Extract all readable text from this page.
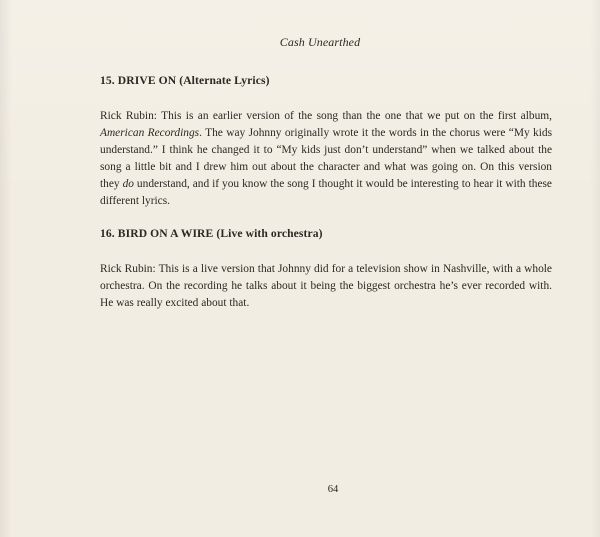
Cash Unearthed
15. DRIVE ON (Alternate Lyrics)

Rick Rubin: This is an earlier version of the song than the one that we put on the first album, American Recordings. The way Johnny originally wrote it the words in the chorus were “My kids understand.” I think he changed it to “My kids just don’t understand” when we talked about the song a little bit and I drew him out about the character and what was going on. On this version they do understand, and if you know the song I thought it would be interesting to hear it with these different lyrics.

16. BIRD ON A WIRE (Live with orchestra)

Rick Rubin: This is a live version that Johnny did for a television show in Nashville, with a whole orchestra. On the recording he talks about it being the biggest orchestra he’s ever recorded with. He was really excited about that.

64
